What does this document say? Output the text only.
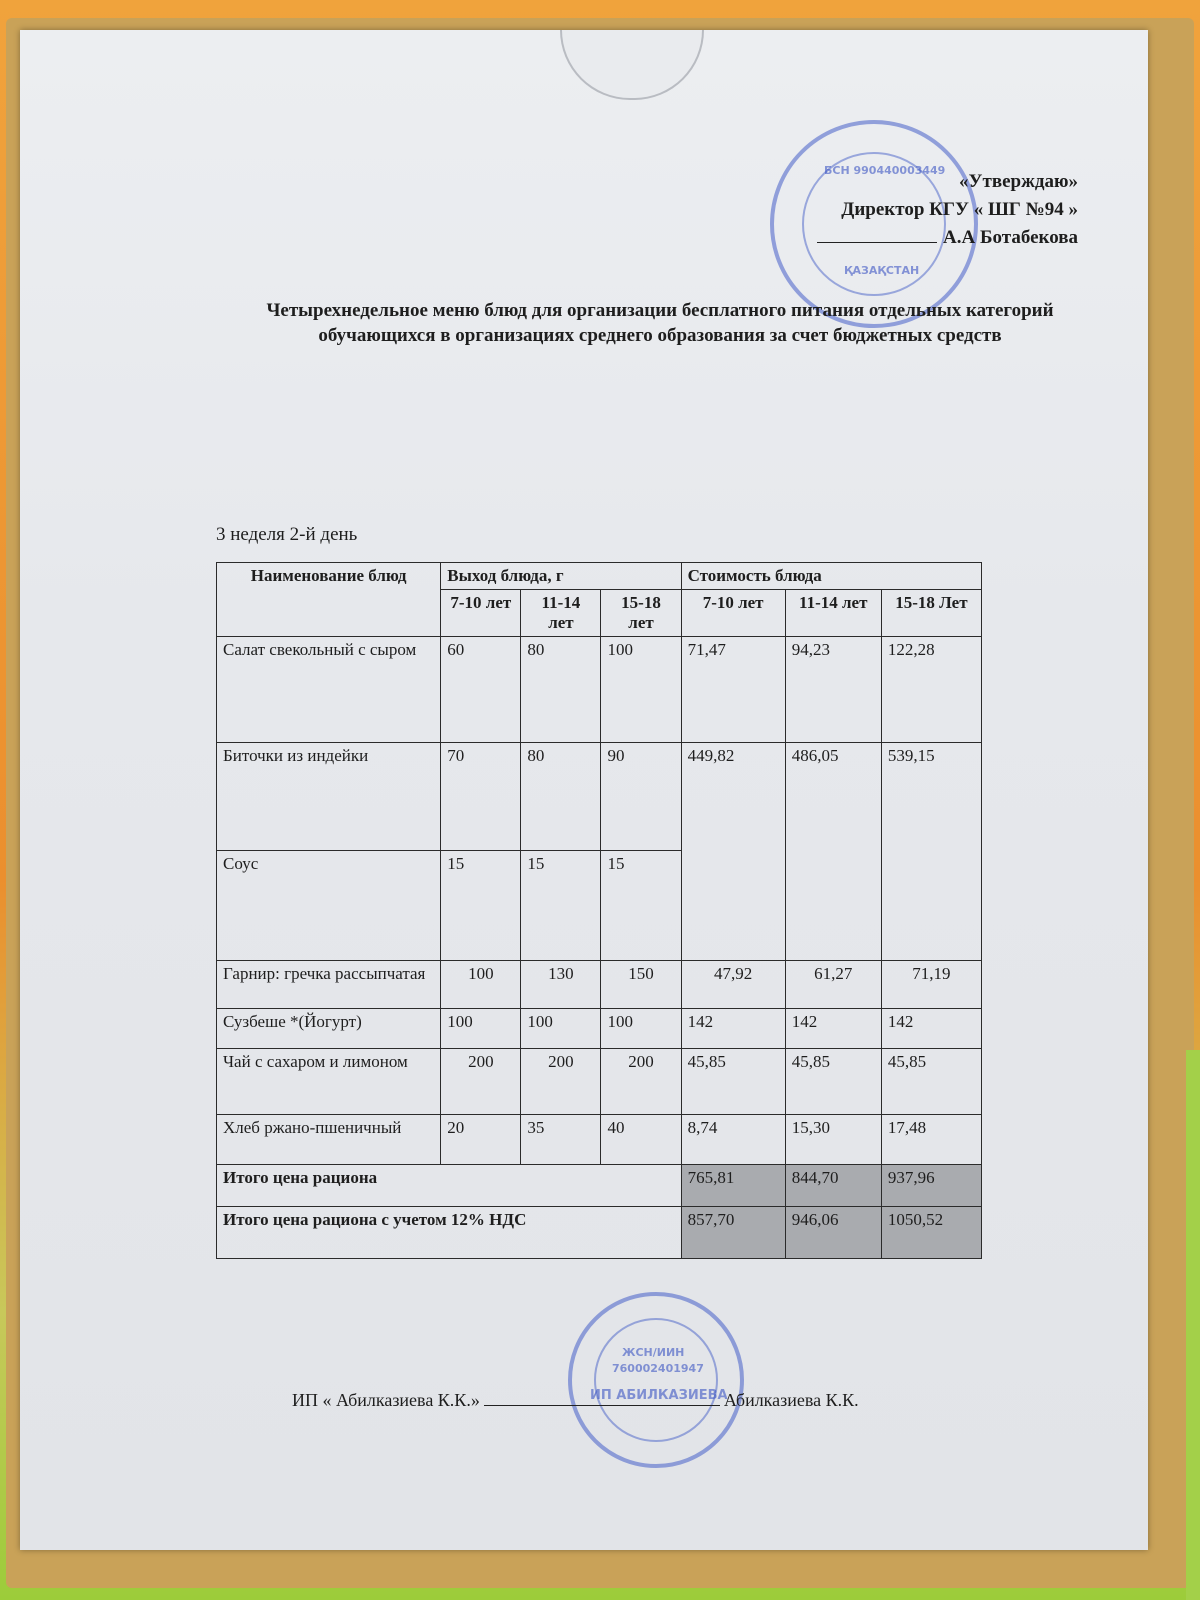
БСН 990440003449
ҚАЗАҚСТАН
«Утверждаю»
Директор КГУ « ШГ №94 »
А.А Ботабекова
Четырехнедельное меню блюд для организации бесплатного питания отдельных категорий обучающихся в организациях среднего образования за счет бюджетных средств
3 неделя 2-й день
Наименование блюд	Выход блюда, г			Стоимость блюда		
	7-10 лет	11-14 лет	15-18 лет	7-10 лет	11-14 лет	15-18 Лет
Салат свекольный с сыром	60	80	100	71,47	94,23	122,28
Биточки из индейки	70	80	90	449,82	486,05	539,15
Соус	15	15	15			
Гарнир: гречка рассыпчатая	100	130	150	47,92	61,27	71,19
Сузбеше *(Йогурт)	100	100	100	142	142	142
Чай с сахаром и лимоном	200	200	200	45,85	45,85	45,85
Хлеб ржано-пшеничный	20	35	40	8,74	15,30	17,48
Итого цена рациона				765,81	844,70	937,96
Итого цена рациона с учетом 12% НДС				857,70	946,06	1050,52
ЖСН/ИИН
760002401947
ИП АБИЛКАЗИЕВА
ИП « Абилказиева К.К.»	Абилказиева К.К.
